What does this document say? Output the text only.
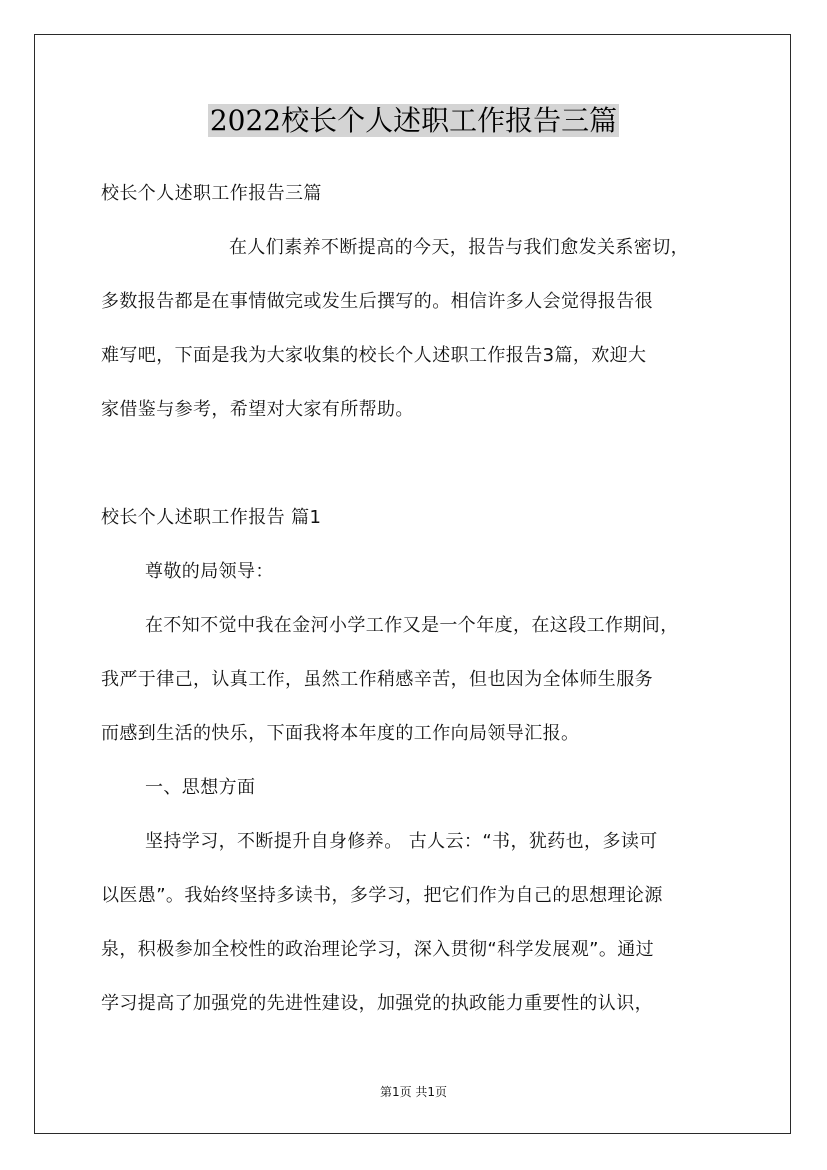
2022校长个人述职工作报告三篇
校长个人述职工作报告三篇
在人们素养不断提高的今天，报告与我们愈发关系密切，
多数报告都是在事情做完或发生后撰写的。相信许多人会觉得报告很
难写吧，下面是我为大家收集的校长个人述职工作报告3篇，欢迎大
家借鉴与参考，希望对大家有所帮助。
校长个人述职工作报告 篇1
尊敬的局领导：
在不知不觉中我在金河小学工作又是一个年度，在这段工作期间，
我严于律己，认真工作，虽然工作稍感辛苦，但也因为全体师生服务
而感到生活的快乐，下面我将本年度的工作向局领导汇报。
一、思想方面
坚持学习，不断提升自身修养。 古人云：“书，犹药也，多读可
以医愚”。我始终坚持多读书，多学习，把它们作为自己的思想理论源
泉，积极参加全校性的政治理论学习，深入贯彻“科学发展观”。通过
学习提高了加强党的先进性建设，加强党的执政能力重要性的认识，
第1页 共1页
